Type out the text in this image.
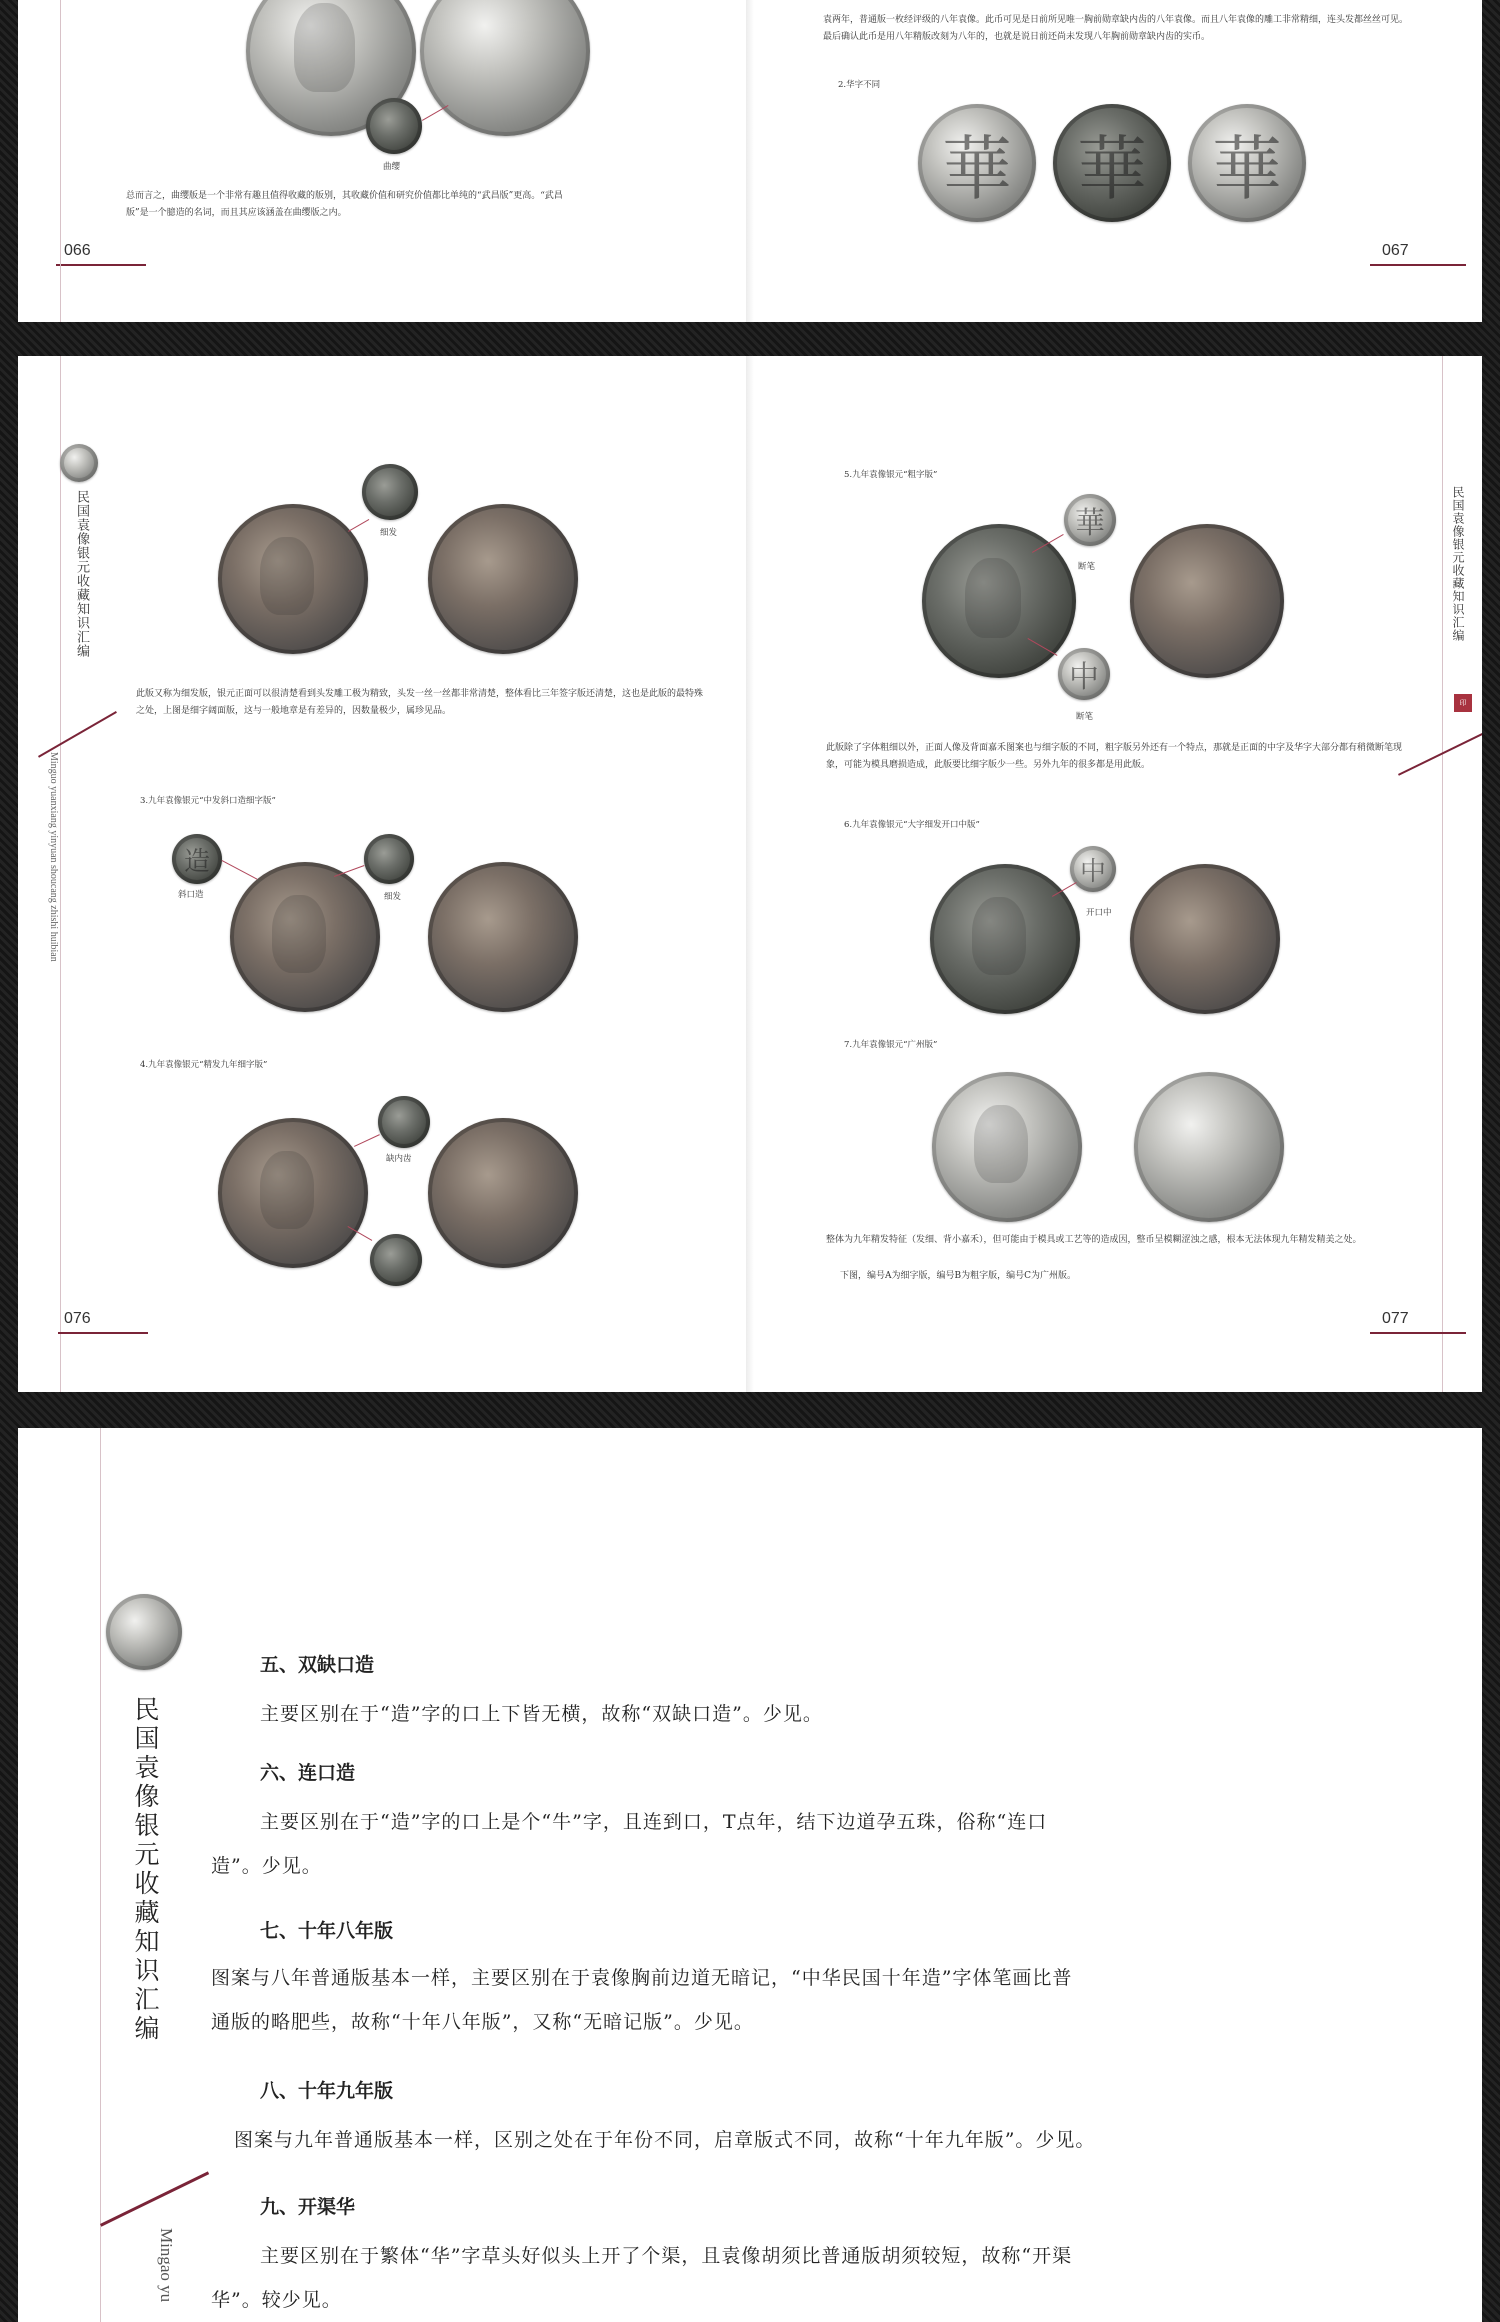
曲缨
总而言之，曲缨版是一个非常有趣且值得收藏的版别，其收藏价值和研究价值都比单纯的“武昌版”更高。“武昌版”是一个臆造的名词，而且其应该涵盖在曲缨版之内。
066
袁两年，普通版一枚经评级的八年袁像。此币可见是日前所见唯一胸前勋章缺内齿的八年袁像。而且八年袁像的雕工非常精细，连头发都丝丝可见。最后确认此币是用八年精版改刻为八年的，也就是说日前还尚未发现八年胸前勋章缺内齿的实币。
2.华字不同
華 華 華
067
民国袁像银元收藏知识汇编
Minguo yuanxiang yinyuan shoucang zhishi huibian
细发
此版又称为细发版，银元正面可以很清楚看到头发雕工极为精致，头发一丝一丝都非常清楚，整体看比三年签字版还清楚，这也是此版的最特殊之处，上图是细字阔面版，这与一般地章是有差异的，因数量极少，属珍见品。
3.九年袁像银元“中发斜口造细字版”
造
斜口造	细发
4.九年袁像银元“精发九年细字版”
缺内齿
076
5.九年袁像银元“粗字版”
華
断笔
中
断笔
此版除了字体粗细以外，正面人像及背面嘉禾图案也与细字版的不同，粗字版另外还有一个特点，那就是正面的中字及华字大部分都有稍微断笔现象，可能为模具磨损造成，此版要比细字版少一些。另外九年的很多都是用此版。
6.九年袁像银元“大字细发开口中版”
中
开口中
7.九年袁像银元“广州版”
整体为九年精发特征（发细、背小嘉禾），但可能由于模具或工艺等的造成因，整币呈模糊涩浊之感，根本无法体现九年精发精美之处。
下图，编号A为细字版，编号B为粗字版，编号C为广州版。
民国袁像银元收藏知识汇编
印
077
民国袁像银元收藏知识汇编
Mingao yu
五、双缺口造
主要区别在于“造”字的口上下皆无横，故称“双缺口造”。少见。
六、连口造
主要区别在于“造”字的口上是个“牛”字，且连到口，T点年，结下边道孕五珠，俗称“连口
造”。少见。
七、十年八年版
图案与八年普通版基本一样，主要区别在于袁像胸前边道无暗记，“中华民国十年造”字体笔画比普
通版的略肥些，故称“十年八年版”，又称“无暗记版”。少见。
八、十年九年版
图案与九年普通版基本一样，区别之处在于年份不同，启章版式不同，故称“十年九年版”。少见。
九、开渠华
主要区别在于繁体“华”字草头好似头上开了个渠，且袁像胡须比普通版胡须较短，故称“开渠
华”。较少见。
